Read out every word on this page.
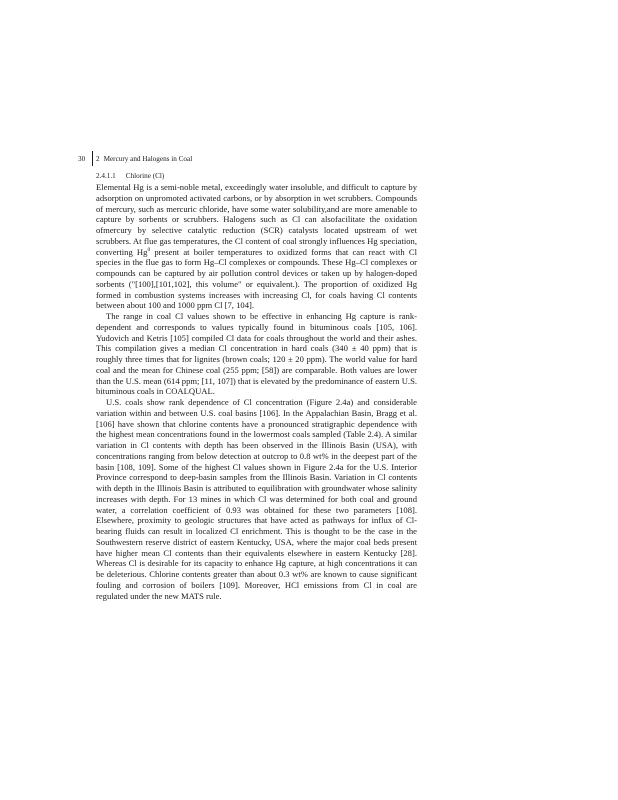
30 2 Mercury and Halogens in Coal
2.4.1.1 Chlorine (Cl)

Elemental Hg is a semi-noble metal, exceedingly water insoluble, and difficult to capture by adsorption on unpromoted activated carbons, or by absorption in wet scrubbers. Compounds of mercury, such as mercuric chloride, have some water solubility,and are more amenable to capture by sorbents or scrubbers. Halogens such as Cl can alsofacilitate the oxidation ofmercury by selective catalytic reduction (SCR) catalysts located upstream of wet scrubbers. At flue gas temperatures, the Cl content of coal strongly influences Hg speciation, converting Hg$^0$ present at boiler temperatures to oxidized forms that can react with Cl species in the flue gas to form Hg–Cl complexes or compounds. These Hg–Cl complexes or compounds can be captured by air pollution control devices or taken up by halogen-doped sorbents ("[100],[101,102], this volume" or equivalent.). The proportion of oxidized Hg formed in combustion systems increases with increasing Cl, for coals having Cl contents between about 100 and 1000 ppm Cl [7, 104].

The range in coal Cl values shown to be effective in enhancing Hg capture is rank-dependent and corresponds to values typically found in bituminous coals [105, 106]. Yudovich and Ketris [105] compiled Cl data for coals throughout the world and their ashes. This compilation gives a median Cl concentration in hard coals (340 ± 40 ppm) that is roughly three times that for lignites (brown coals; 120 ± 20 ppm). The world value for hard coal and the mean for Chinese coal (255 ppm; [58]) are comparable. Both values are lower than the U.S. mean (614 ppm; [11, 107]) that is elevated by the predominance of eastern U.S. bituminous coals in COALQUAL.

U.S. coals show rank dependence of Cl concentration (Figure 2.4a) and considerable variation within and between U.S. coal basins [106]. In the Appalachian Basin, Bragg et al. [106] have shown that chlorine contents have a pronounced stratigraphic dependence with the highest mean concentrations found in the lowermost coals sampled (Table 2.4). A similar variation in Cl contents with depth has been observed in the Illinois Basin (USA), with concentrations ranging from below detection at outcrop to 0.8 wt% in the deepest part of the basin [108, 109]. Some of the highest Cl values shown in Figure 2.4a for the U.S. Interior Province correspond to deep-basin samples from the Illinois Basin. Variation in Cl contents with depth in the Illinois Basin is attributed to equilibration with groundwater whose salinity increases with depth. For 13 mines in which Cl was determined for both coal and ground water, a correlation coefficient of 0.93 was obtained for these two parameters [108]. Elsewhere, proximity to geologic structures that have acted as pathways for influx of Cl-bearing fluids can result in localized Cl enrichment. This is thought to be the case in the Southwestern reserve district of eastern Kentucky, USA, where the major coal beds present have higher mean Cl contents than their equivalents elsewhere in eastern Kentucky [28]. Whereas Cl is desirable for its capacity to enhance Hg capture, at high concentrations it can be deleterious. Chlorine contents greater than about 0.3 wt% are known to cause significant fouling and corrosion of boilers [109]. Moreover, HCl emissions from Cl in coal are regulated under the new MATS rule.
